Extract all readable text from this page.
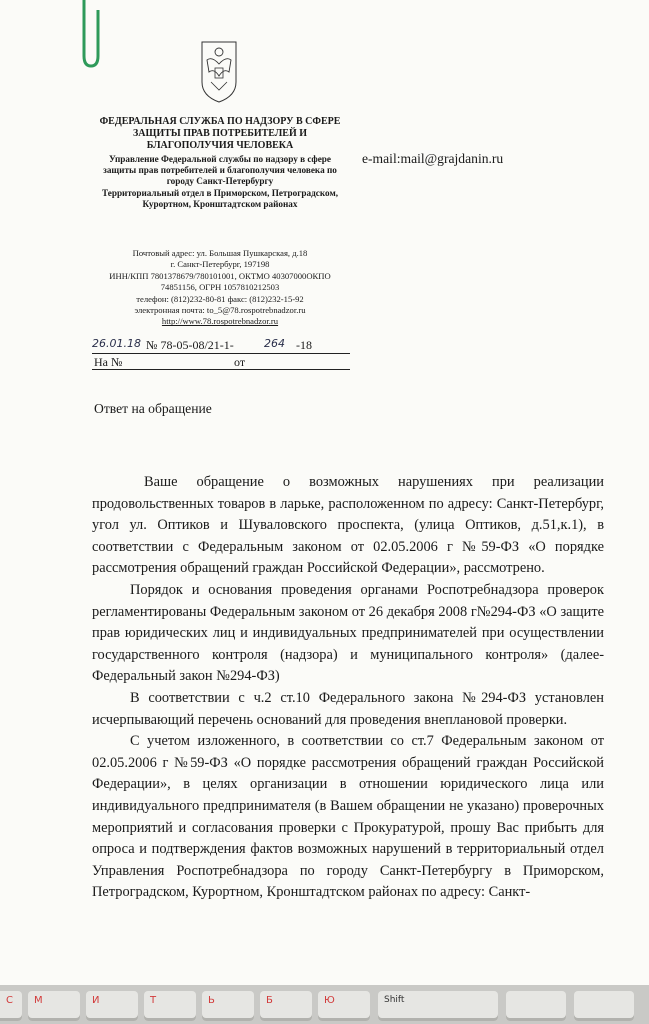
ФЕДЕРАЛЬНАЯ СЛУЖБА ПО НАДЗОРУ В СФЕРЕ ЗАЩИТЫ ПРАВ ПОТРЕБИТЕЛЕЙ И БЛАГОПОЛУЧИЯ ЧЕЛОВЕКА
Управление Федеральной службы по надзору в сфере защиты прав потребителей и благополучия человека по городу Санкт-Петербургу
Территориальный отдел в Приморском, Петроградском, Курортном, Кронштадтском районах
Почтовый адрес: ул. Большая Пушкарская, д.18
г. Санкт-Петербург, 197198
ИНН/КПП 7801378679/780101001, ОКТМО 40307000ОКПО
74851156, ОГРН 1057810212503
телефон: (812)232-80-81 факс: (812)232-15-92
электронная почта: to_5@78.rospotrebnadzor.ru
http://www.78.rospotrebnadzor.ru
e-mail:mail@grajdanin.ru
26.01.18 № 78-05-08/21-1-	264 -18
На №	от
Ответ на обращение

Ваше обращение о возможных нарушениях при реализации продовольственных товаров в ларьке, расположенном по адресу: Санкт-Петербург, угол ул. Оптиков и Шуваловского проспекта, (улица Оптиков, д.51,к.1), в соответствии с Федеральным законом от 02.05.2006 г №59-ФЗ «О порядке рассмотрения обращений граждан Российской Федерации», рассмотрено.

Порядок и основания проведения органами Роспотребнадзора проверок регламентированы Федеральным законом от 26 декабря 2008 г№294-ФЗ «О защите прав юридических лиц и индивидуальных предпринимателей при осуществлении государственного контроля (надзора) и муниципального контроля» (далее-Федеральный закон №294-ФЗ)

В соответствии с ч.2 ст.10 Федерального закона №294-ФЗ установлен исчерпывающий перечень оснований для проведения внеплановой проверки.

С учетом изложенного, в соответствии со ст.7 Федеральным законом от 02.05.2006 г №59-ФЗ «О порядке рассмотрения обращений граждан Российской Федерации», в целях организации в отношении юридического лица или индивидуального предпринимателя (в Вашем обращении не указано) проверочных мероприятий и согласования проверки с Прокуратурой, прошу Вас прибыть для опроса и подтверждения фактов возможных нарушений в территориальный отдел Управления Роспотребнадзора по городу Санкт-Петербургу в Приморском, Петроградском, Курортном, Кронштадтском районах по адресу: Санкт-

С М	И	Т	Ь	Б	Ю	Shift
